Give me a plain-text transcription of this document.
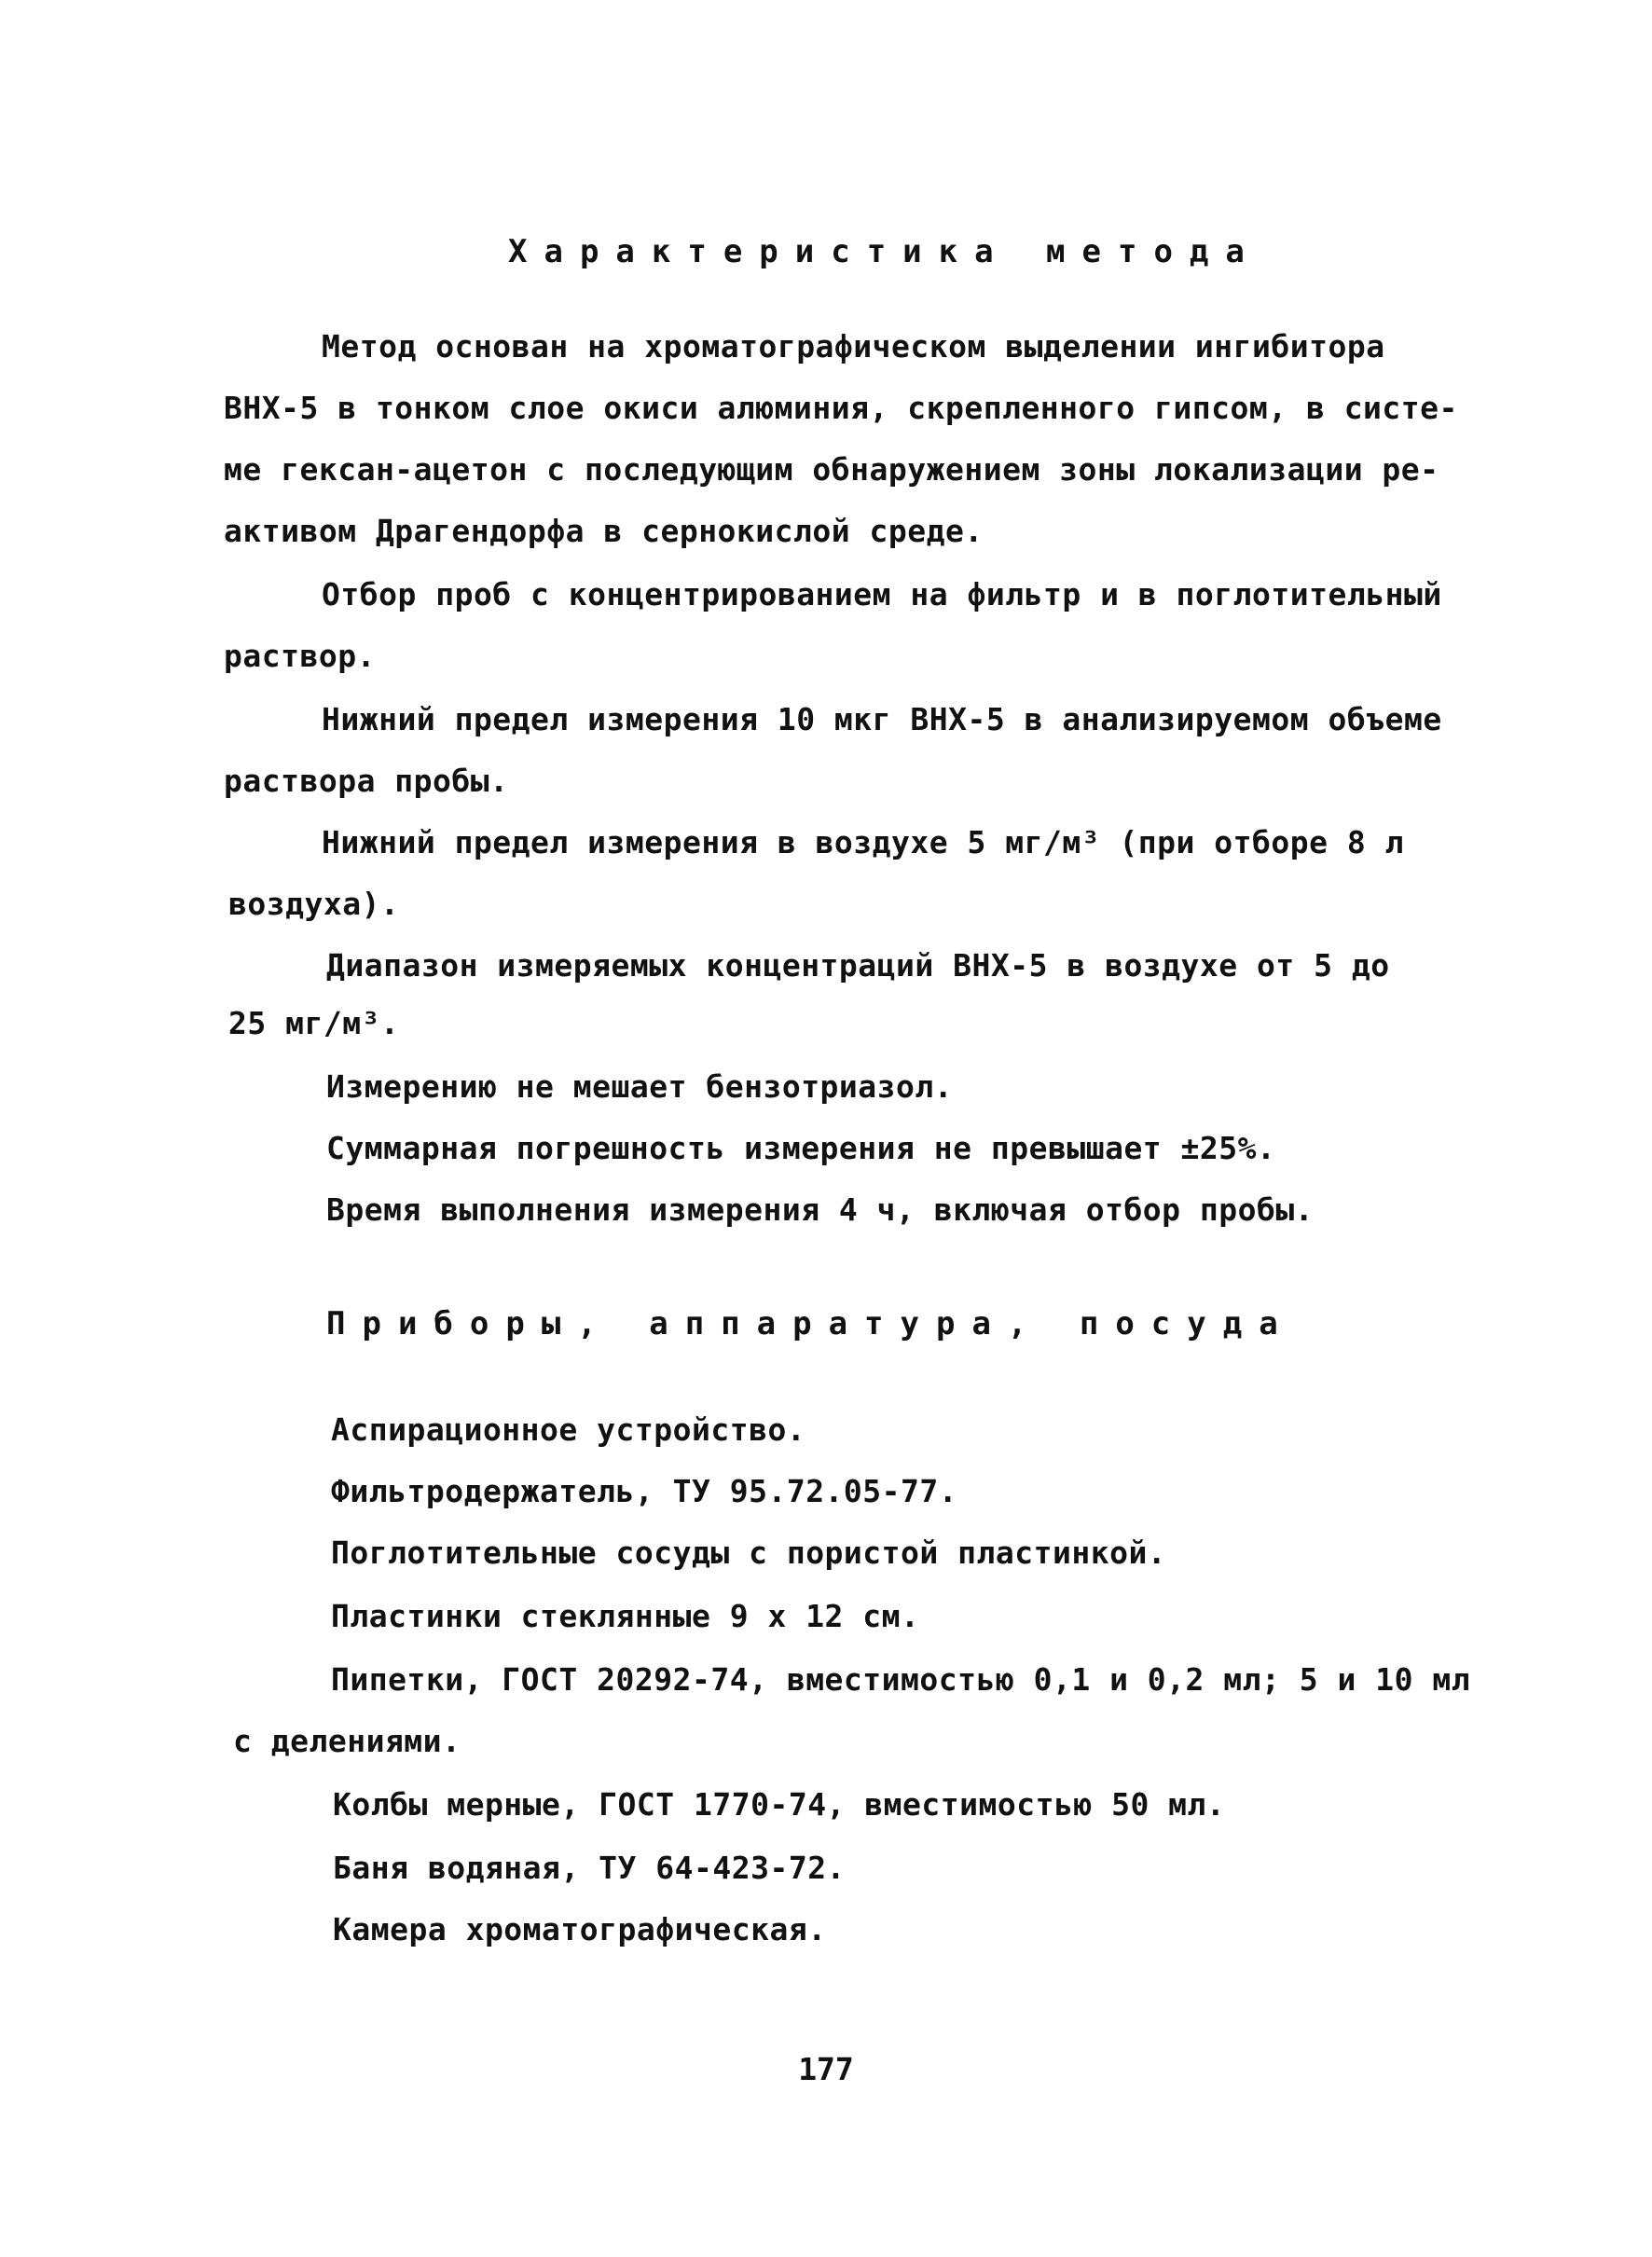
Характеристика метода
Метод основан на хроматографическом выделении ингибитора
ВНХ-5 в тонком слое окиси алюминия, скрепленного гипсом, в систе-
ме гексан-ацетон с последующим обнаружением зоны локализации ре-
активом Драгендорфа в сернокислой среде.
Отбор проб с концентрированием на фильтр и в поглотительный
раствор.
Нижний предел измерения 10 мкг ВНХ-5 в анализируемом объеме
раствора пробы.
Нижний предел измерения в воздухе 5 мг/м³ (при отборе 8 л
воздуха).
Диапазон измеряемых концентраций ВНХ-5 в воздухе от 5 до
25 мг/м³.
Измерению не мешает бензотриазол.
Суммарная погрешность измерения не превышает ±25%.
Время выполнения измерения 4 ч, включая отбор пробы.
Приборы, аппаратура, посуда
Аспирационное устройство.
Фильтродержатель, ТУ 95.72.05-77.
Поглотительные сосуды с пористой пластинкой.
Пластинки стеклянные 9 х 12 см.
Пипетки, ГОСТ 20292-74, вместимостью 0,1 и 0,2 мл; 5 и 10 мл
с делениями.
Колбы мерные, ГОСТ 1770-74, вместимостью 50 мл.
Баня водяная, ТУ 64-423-72.
Камера хроматографическая.
177
